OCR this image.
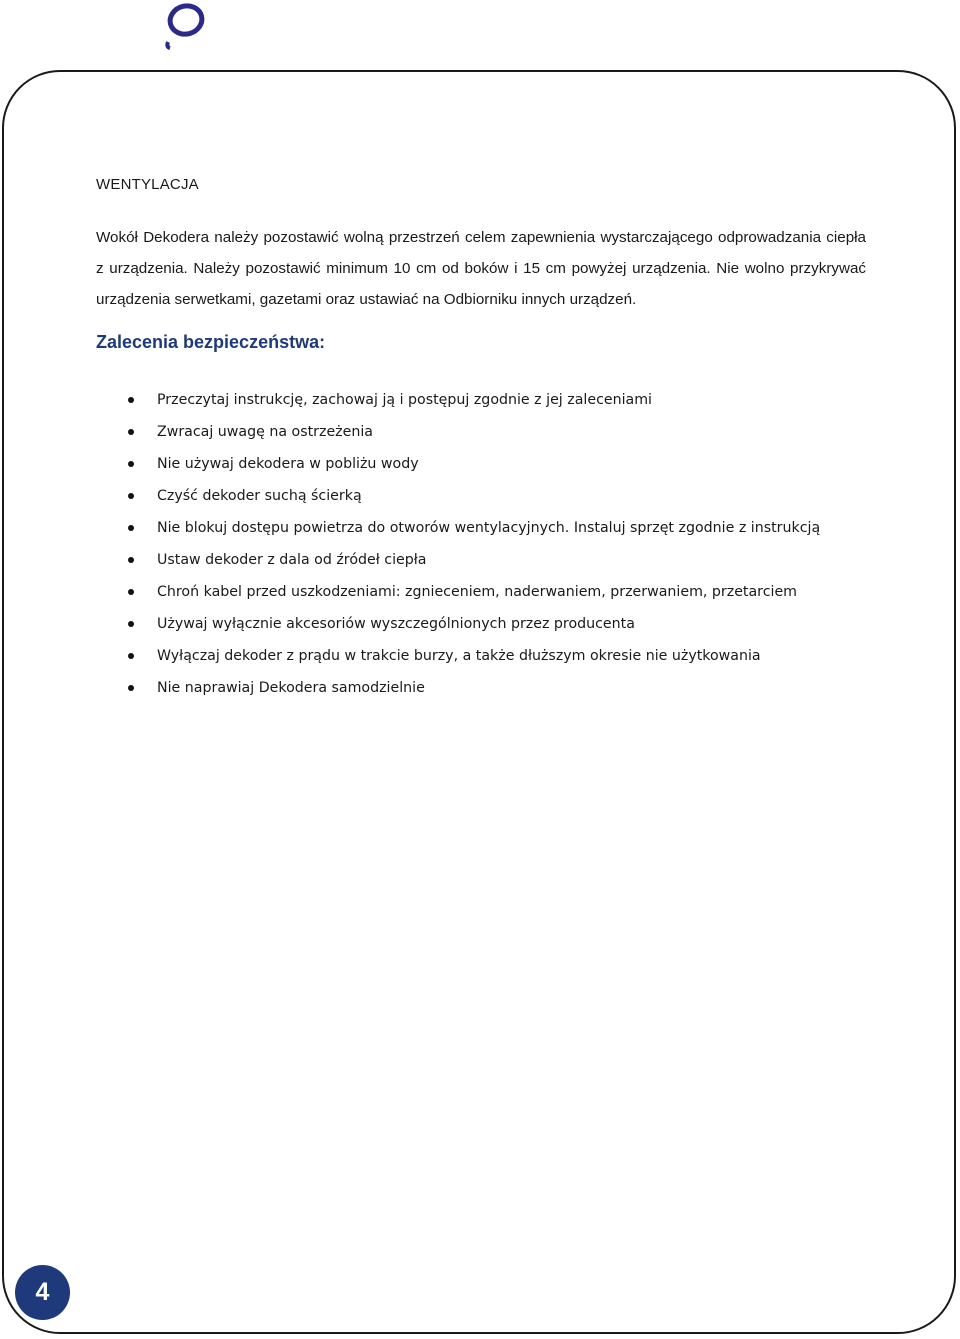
WENTYLACJA
Wokół Dekodera należy pozostawić wolną przestrzeń celem zapewnienia wystarczającego odprowadzania ciepła z urządzenia. Należy pozostawić minimum 10 cm od boków i 15 cm powyżej urządzenia. Nie wolno przykrywać urządzenia serwetkami, gazetami oraz ustawiać na Odbiorniku innych urządzeń.
Zalecenia bezpieczeństwa:
Przeczytaj instrukcję, zachowaj ją i postępuj zgodnie z jej zaleceniami
Zwracaj uwagę na ostrzeżenia
Nie używaj dekodera w pobliżu wody
Czyść dekoder suchą ścierką
Nie blokuj dostępu powietrza do otworów wentylacyjnych. Instaluj sprzęt zgodnie z instrukcją
Ustaw dekoder z dala od źródeł ciepła
Chroń kabel przed uszkodzeniami: zgnieceniem, naderwaniem, przerwaniem, przetarciem
Używaj wyłącznie akcesoriów wyszczególnionych przez producenta
Wyłączaj dekoder z prądu w trakcie burzy, a także dłuższym okresie nie użytkowania
Nie naprawiaj Dekodera samodzielnie
4
